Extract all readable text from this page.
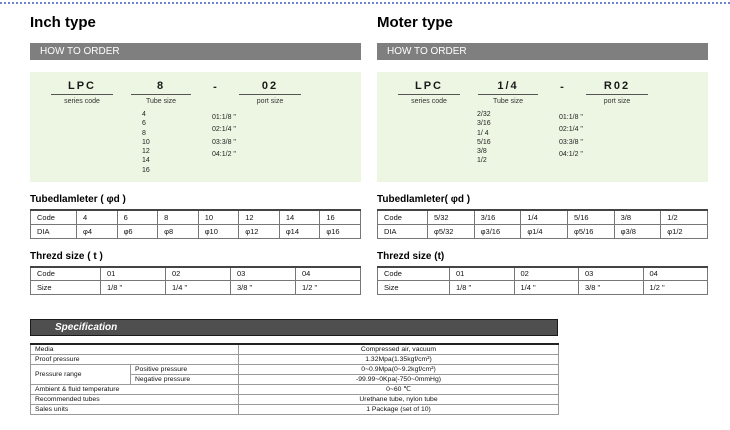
Inch type
HOW TO ORDER
LPC
series code
8
Tube size
-	02
port size
4
6
8
10
12
14
16
01:1/8 "
02:1/4 "
03:3/8 "
04:1/2 "
Tubedlamleter ( φd )
Code	4	6	8	10	12	14	16
DIA	φ4	φ6	φ8	φ10	φ12	φ14	φ16
Threzd size ( t )
Code	01	02	03	04
Size	1/8 "	1/4 "	3/8 "	1/2 "
Moter type
HOW TO ORDER
LPC
series code
1/4
Tube size
-	R02
port size
2/32
3/16
1/ 4
5/16
3/8
1/2
01:1/8 "
02:1/4 "
03:3/8 "
04:1/2 "
Tubedlamleter( φd )
Code	5/32	3/16	1/4	5/16	3/8	1/2
DIA	φ5/32	φ3/16	φ1/4	φ5/16	φ3/8	φ1/2
Threzd size (t)
Code	01	02	03	04
Size	1/8 "	1/4 "	3/8 "	1/2 "
Specification
Media		Compressed air, vacuum
Proof pressure		1.32Mpa(1.35kgf/cm²)
Pressure range	Positive pressure	0~0.9Mpa(0~9.2kgf/cm²)
	Negative pressure	-99.99~0Kpa(-750~0mmHg)
Ambient & fluid temperature		0~60 ℃
Recommended tubes		Urethane tube, nylon tube
Sales units		1 Package (set of 10)
